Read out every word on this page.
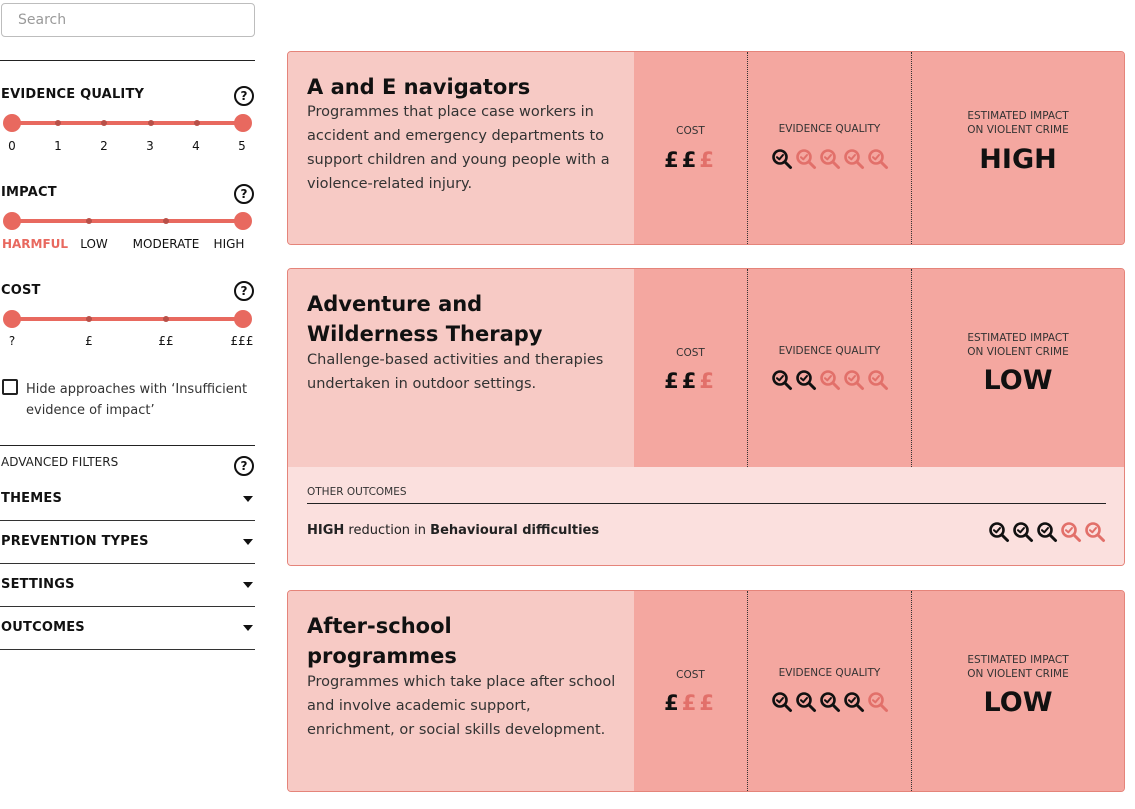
Search
EVIDENCE QUALITY	?
0	1	2	3	4	5
IMPACT	?
HARMFUL LOW MODERATE HIGH
COST	?
?	£	££	£££
Hide approaches with ‘Insufficient evidence of impact’
ADVANCED FILTERS	?
THEMES
PREVENTION TYPES
SETTINGS
OUTCOMES
A and E navigators
Programmes that place case workers in accident and emergency departments to support children and young people with a violence-related injury.
COST
£££
EVIDENCE QUALITY
ESTIMATED IMPACT
ON VIOLENT CRIME
HIGH
Adventure and Wilderness Therapy
Challenge-based activities and therapies undertaken in outdoor settings.
COST
£££
EVIDENCE QUALITY
ESTIMATED IMPACT
ON VIOLENT CRIME
LOW
OTHER OUTCOMES
HIGH reduction in Behavioural difficulties
After-school programmes
Programmes which take place after school and involve academic support, enrichment, or social skills development.
COST
£££
EVIDENCE QUALITY
ESTIMATED IMPACT
ON VIOLENT CRIME
LOW
